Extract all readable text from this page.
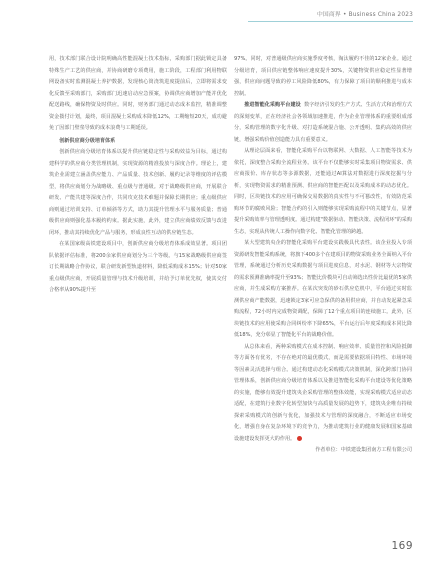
中国商界 • Business China 2023

用，技术部门联合设计院明确高性能混凝土技术指标，采购部门据此锁定具备特殊生产工艺的供应商，并协商研磨专项费用，施工阶段，工程部门利用物联网设备实时监测混凝土养护数据，发现核心筒浇筑进度提前后，立即将需求变化反馈至采购部门，采购部门迅速启动应急预案，协调供应商增加产能并优化配送路线，确保物资及时供应。同时，财务部门通过动态成本监控，精准调整资金拨付计划，最终，项目混凝土采购成本降低12%，工期缩短20天，成功避免了因部门壁垒导致的成本浪费与工期延误。

创新供应商分级培育体系

创新供应商分级培育体系以提升供应链稳定性与采购效益为目标，通过构建科学的供应商分类管理机制，实现资源的精准投放与深度合作。理论上，建筑企业需建立涵盖供应能力、产品质量、技术创新、履约记录等维度的评估模型，将供应商划分为战略级、重点级与普通级。对于战略级供应商，开展联合研发、产能共建等深度合作，共同攻克技术难题并保障长期供应；重点级供应商则通过培训支持、订单倾斜等方式，助力其提升管理水平与服务质量；普通级供应商则强化基本履约约束。据此实施，此外，建立供应商绩效反馈与改进闭环，推动其持续优化产品与服务，形成良性互动的供应链生态。

在某国家级高铁建设项目中，创新供应商分级培育体系成效显著。项目团队依据评估标准，将200余家供应商划分为三个等级。与15家战略级供应商签订长期战略合作协议，联合研发新型轨道材料，降低采购成本15%；针对50家重点级供应商，开展质量管理与技术升级培训，并给予订单优先权，使其交付合格率从90%提升至

97%。同时，对普通级供应商实施季度考核，淘汰履约不佳的12家企业。通过分级培育，项目供应链整体响应速度提升30%，关键物资供应稳定性显著增强，供应商问题导致的停工风险降低80%，有力保障了项目的顺利推进与成本控制。

推进智能化采购平台建设 数字经济引发的生产方式、生活方式和治理方式的深刻变革，正在经济社会各领域加速推进，作为企业管理体系的重要组成部分，采购管理的数字化升级、对打造系统混合施、公开透明、集约高效的供应链，增强采购价值创造能力具有重要意义。

从理论层面来看，智能化采购平台以物联网、大数据、人工智能等技术为依托，深度整合采购全流程业务。该平台不仅能够实时采集项目物资需求、供应商报价、库存状态等多源数据，还能通过AI算法对数据进行深度挖掘与分析，实现物资需求的精准预测、供应商的智能匹配以及采购成本的动态优化。同时，区块链技术的应用可确保交易数据的真实性与不可篡改性，有效防范采购环节的腐败风险；智能合约的引入则能够实现采购流程中的关键节点，显著提升采购效率与管理透明度。通过构建"数据驱动、智能决策、流程闭环"的采购生态，实现从传统人工操作向数字化、智能化管理的跨越。

某大型建筑央企的智能化采购平台建设实践极具代表性。该企业投入专项资源研发智能采购系统，将旗下400多个在建项目的物资采购业务全面纳入平台管理，系统通过分析历史采购数据与项目进度信息，对水泥、钢材等大宗物资的需求预测准确率提升至93%；智能比价模块可自动筛选出性价比最优的5家供应商，并生成采购方案推荐。在某次突发的砂石供应危机中，平台通过实时监测供应商产能数据，迅速锁定3家可应急保供的备用供应商，并自动发起紧急采购流程，72小时内完成物资调配，保障了12个重点项目的连续施工。此外，区块链技术的应用使采购合同纠纷率下降65%，平台运行后年度采购成本同比降低18%，充分彰显了智能化平台的战略价值。

从总体来看，两种采购模式在成本控制、响应效率、质量管控和风险抵御等方面各有优劣，不存在绝对的最优模式，而是需要依据项目特性、市场环境等因素灵活选择与组合。通过构建动态化采购模式决策机制，深化跨部门协同管理体系，创新供应商分级培育体系以及推进智能化采购平台建设等优化策略的实施，能够有效提升建筑央企采购管理的整体效能，实现采购模式适应动态适配，在建筑行业数字化转型加快与高质量发展的趋势下，建筑央企唯有持续探索采购模式的创新与优化，加强技术与管理的深度融合，不断适应市场变化，增强自身在复杂环境下的竞争力，为推动建筑行业的健康发展和国家基础设施建设发挥更大的作用。

作者单位：中铁建设集团南方工程有限公司

169
